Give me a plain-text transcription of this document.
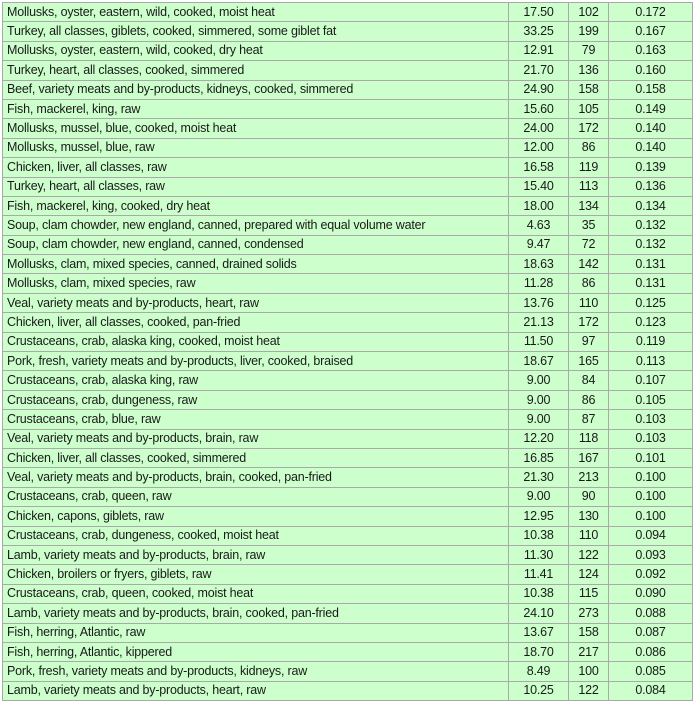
Mollusks, oyster, eastern, wild, cooked, moist heat	17.50	102	0.172
Turkey, all classes, giblets, cooked, simmered, some giblet fat	33.25	199	0.167
Mollusks, oyster, eastern, wild, cooked, dry heat	12.91	79	0.163
Turkey, heart, all classes, cooked, simmered	21.70	136	0.160
Beef, variety meats and by-products, kidneys, cooked, simmered	24.90	158	0.158
Fish, mackerel, king, raw	15.60	105	0.149
Mollusks, mussel, blue, cooked, moist heat	24.00	172	0.140
Mollusks, mussel, blue, raw	12.00	86	0.140
Chicken, liver, all classes, raw	16.58	119	0.139
Turkey, heart, all classes, raw	15.40	113	0.136
Fish, mackerel, king, cooked, dry heat	18.00	134	0.134
Soup, clam chowder, new england, canned, prepared with equal volume water	4.63	35	0.132
Soup, clam chowder, new england, canned, condensed	9.47	72	0.132
Mollusks, clam, mixed species, canned, drained solids	18.63	142	0.131
Mollusks, clam, mixed species, raw	11.28	86	0.131
Veal, variety meats and by-products, heart, raw	13.76	110	0.125
Chicken, liver, all classes, cooked, pan-fried	21.13	172	0.123
Crustaceans, crab, alaska king, cooked, moist heat	11.50	97	0.119
Pork, fresh, variety meats and by-products, liver, cooked, braised	18.67	165	0.113
Crustaceans, crab, alaska king, raw	9.00	84	0.107
Crustaceans, crab, dungeness, raw	9.00	86	0.105
Crustaceans, crab, blue, raw	9.00	87	0.103
Veal, variety meats and by-products, brain, raw	12.20	118	0.103
Chicken, liver, all classes, cooked, simmered	16.85	167	0.101
Veal, variety meats and by-products, brain, cooked, pan-fried	21.30	213	0.100
Crustaceans, crab, queen, raw	9.00	90	0.100
Chicken, capons, giblets, raw	12.95	130	0.100
Crustaceans, crab, dungeness, cooked, moist heat	10.38	110	0.094
Lamb, variety meats and by-products, brain, raw	11.30	122	0.093
Chicken, broilers or fryers, giblets, raw	11.41	124	0.092
Crustaceans, crab, queen, cooked, moist heat	10.38	115	0.090
Lamb, variety meats and by-products, brain, cooked, pan-fried	24.10	273	0.088
Fish, herring, Atlantic, raw	13.67	158	0.087
Fish, herring, Atlantic, kippered	18.70	217	0.086
Pork, fresh, variety meats and by-products, kidneys, raw	8.49	100	0.085
Lamb, variety meats and by-products, heart, raw	10.25	122	0.084
